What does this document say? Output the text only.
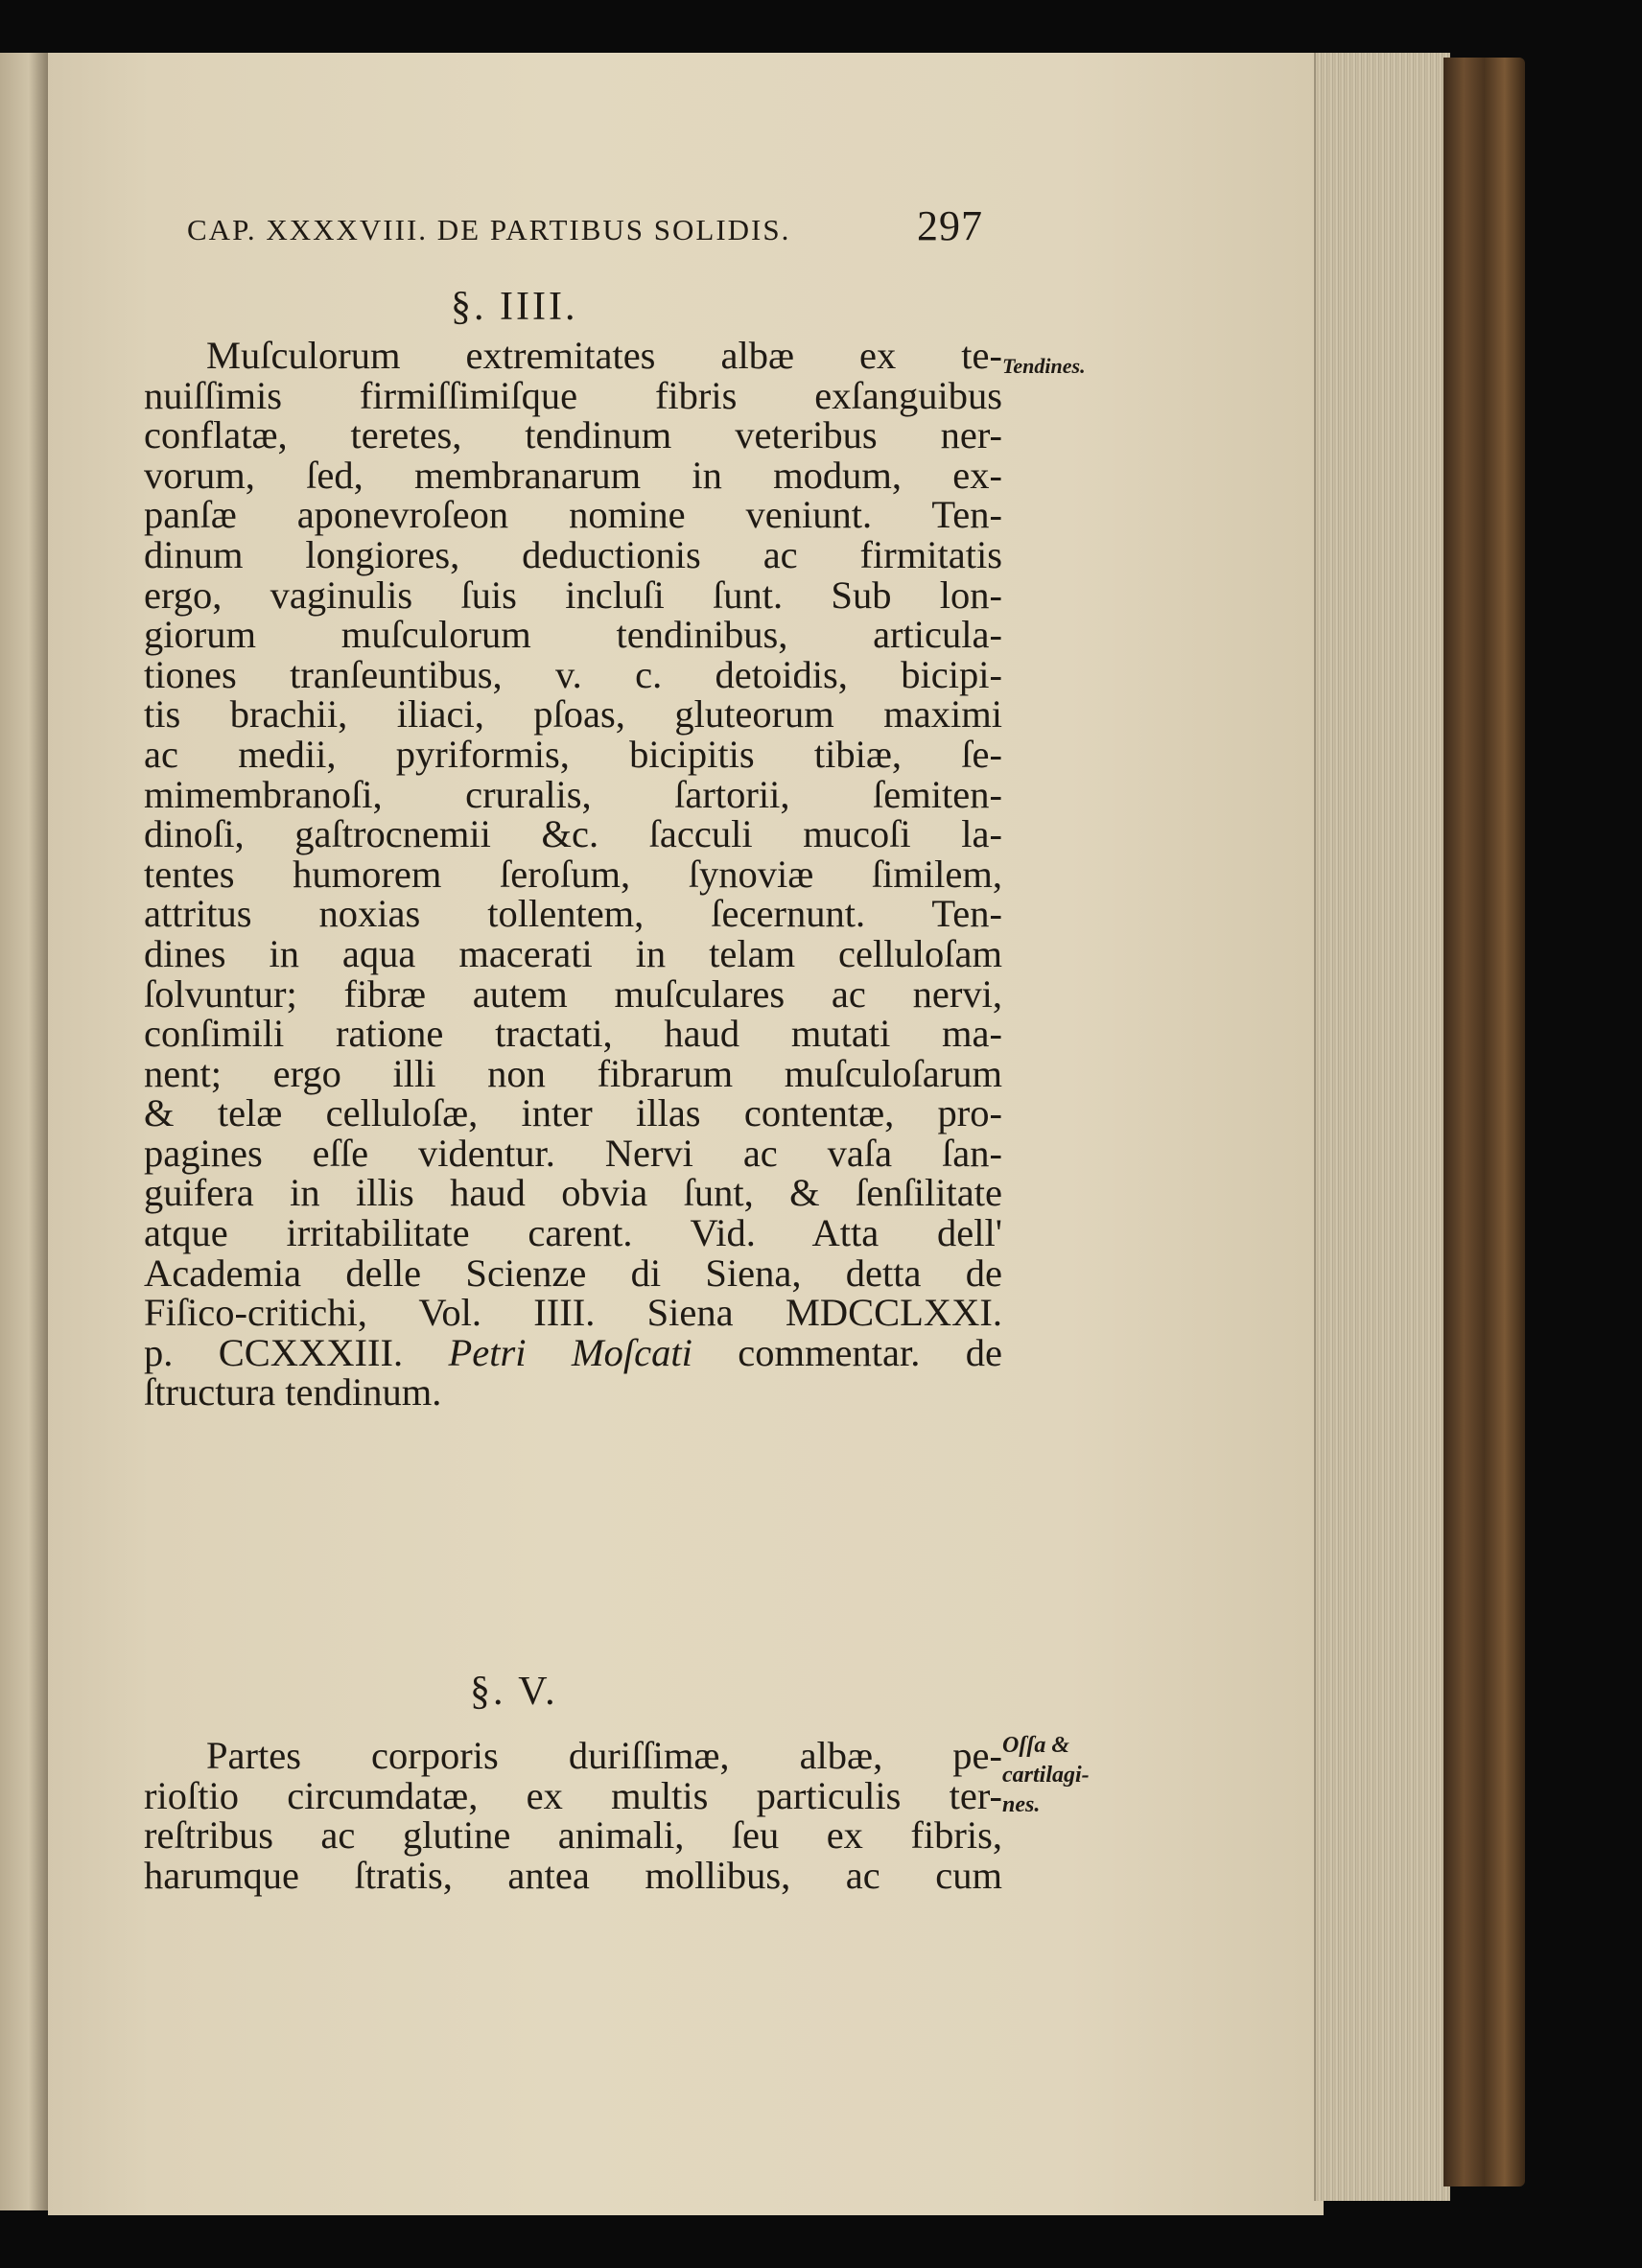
CAP. XXXXVIII. DE PARTIBUS SOLIDIS.	297
§. IIII.
Tendines.
Muſculorum extremitates albæ ex te-
nuiſſimis firmiſſimiſque fibris exſanguibus
conflatæ, teretes, tendinum veteribus ner-
vorum, ſed, membranarum in modum, ex-
panſæ aponevroſeon nomine veniunt. Ten-
dinum longiores, deductionis ac firmitatis
ergo, vaginulis ſuis incluſi ſunt. Sub lon-
giorum muſculorum tendinibus, articula-
tiones tranſeuntibus, v. c. detoidis, bicipi-
tis brachii, iliaci, pſoas, gluteorum maximi
ac medii, pyriformis, bicipitis tibiæ, ſe-
mimembranoſi, cruralis, ſartorii, ſemiten-
dinoſi, gaſtrocnemii &c. ſacculi mucoſi la-
tentes humorem ſeroſum, ſynoviæ ſimilem,
attritus noxias tollentem, ſecernunt. Ten-
dines in aqua macerati in telam celluloſam
ſolvuntur; fibræ autem muſculares ac nervi,
conſimili ratione tractati, haud mutati ma-
nent; ergo illi non fibrarum muſculoſarum
& telæ celluloſæ, inter illas contentæ, pro-
pagines eſſe videntur. Nervi ac vaſa ſan-
guifera in illis haud obvia ſunt, & ſenſilitate
atque irritabilitate carent. Vid. Atta dell'
Academia delle Scienze di Siena, detta de
Fiſico-critichi, Vol. IIII. Siena MDCCLXXI.
p. CCXXXIII. Petri Moſcati commentar. de
ſtructura tendinum.
§. V.
Oſſa &
cartilagi-
nes.
Partes corporis duriſſimæ, albæ, pe-
rioſtio circumdatæ, ex multis particulis ter-
reſtribus ac glutine animali, ſeu ex fibris,
harumque ſtratis, antea mollibus, ac cum
